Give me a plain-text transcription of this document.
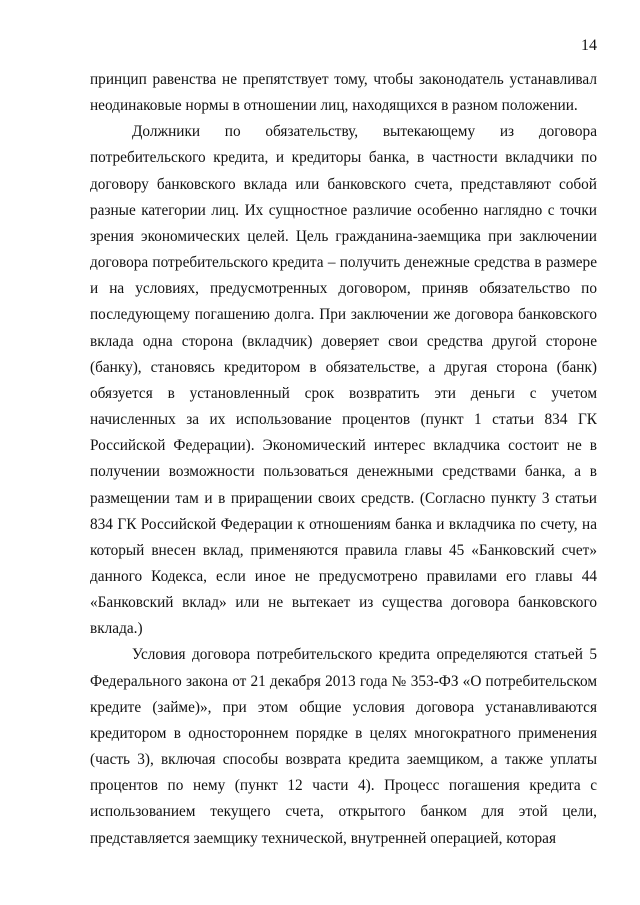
14

принцип равенства не препятствует тому, чтобы законодатель устанавливал неодинаковые нормы в отношении лиц, находящихся в разном положении.

Должники по обязательству, вытекающему из договора потребительского кредита, и кредиторы банка, в частности вкладчики по договору банковского вклада или банковского счета, представляют собой разные категории лиц. Их сущностное различие особенно наглядно с точки зрения экономических целей. Цель гражданина-заемщика при заключении договора потребительского кредита – получить денежные средства в размере и на условиях, предусмотренных договором, приняв обязательство по последующему погашению долга. При заключении же договора банковского вклада одна сторона (вкладчик) доверяет свои средства другой стороне (банку), становясь кредитором в обязательстве, а другая сторона (банк) обязуется в установленный срок возвратить эти деньги с учетом начисленных за их использование процентов (пункт 1 статьи 834 ГК Российской Федерации). Экономический интерес вкладчика состоит не в получении возможности пользоваться денежными средствами банка, а в размещении там и в приращении своих средств. (Согласно пункту 3 статьи 834 ГК Российской Федерации к отношениям банка и вкладчика по счету, на который внесен вклад, применяются правила главы 45 «Банковский счет» данного Кодекса, если иное не предусмотрено правилами его главы 44 «Банковский вклад» или не вытекает из существа договора банковского вклада.)

Условия договора потребительского кредита определяются статьей 5 Федерального закона от 21 декабря 2013 года № 353-ФЗ «О потребительском кредите (займе)», при этом общие условия договора устанавливаются кредитором в одностороннем порядке в целях многократного применения (часть 3), включая способы возврата кредита заемщиком, а также уплаты процентов по нему (пункт 12 части 4). Процесс погашения кредита с использованием текущего счета, открытого банком для этой цели, представляется заемщику технической, внутренней операцией, которая
